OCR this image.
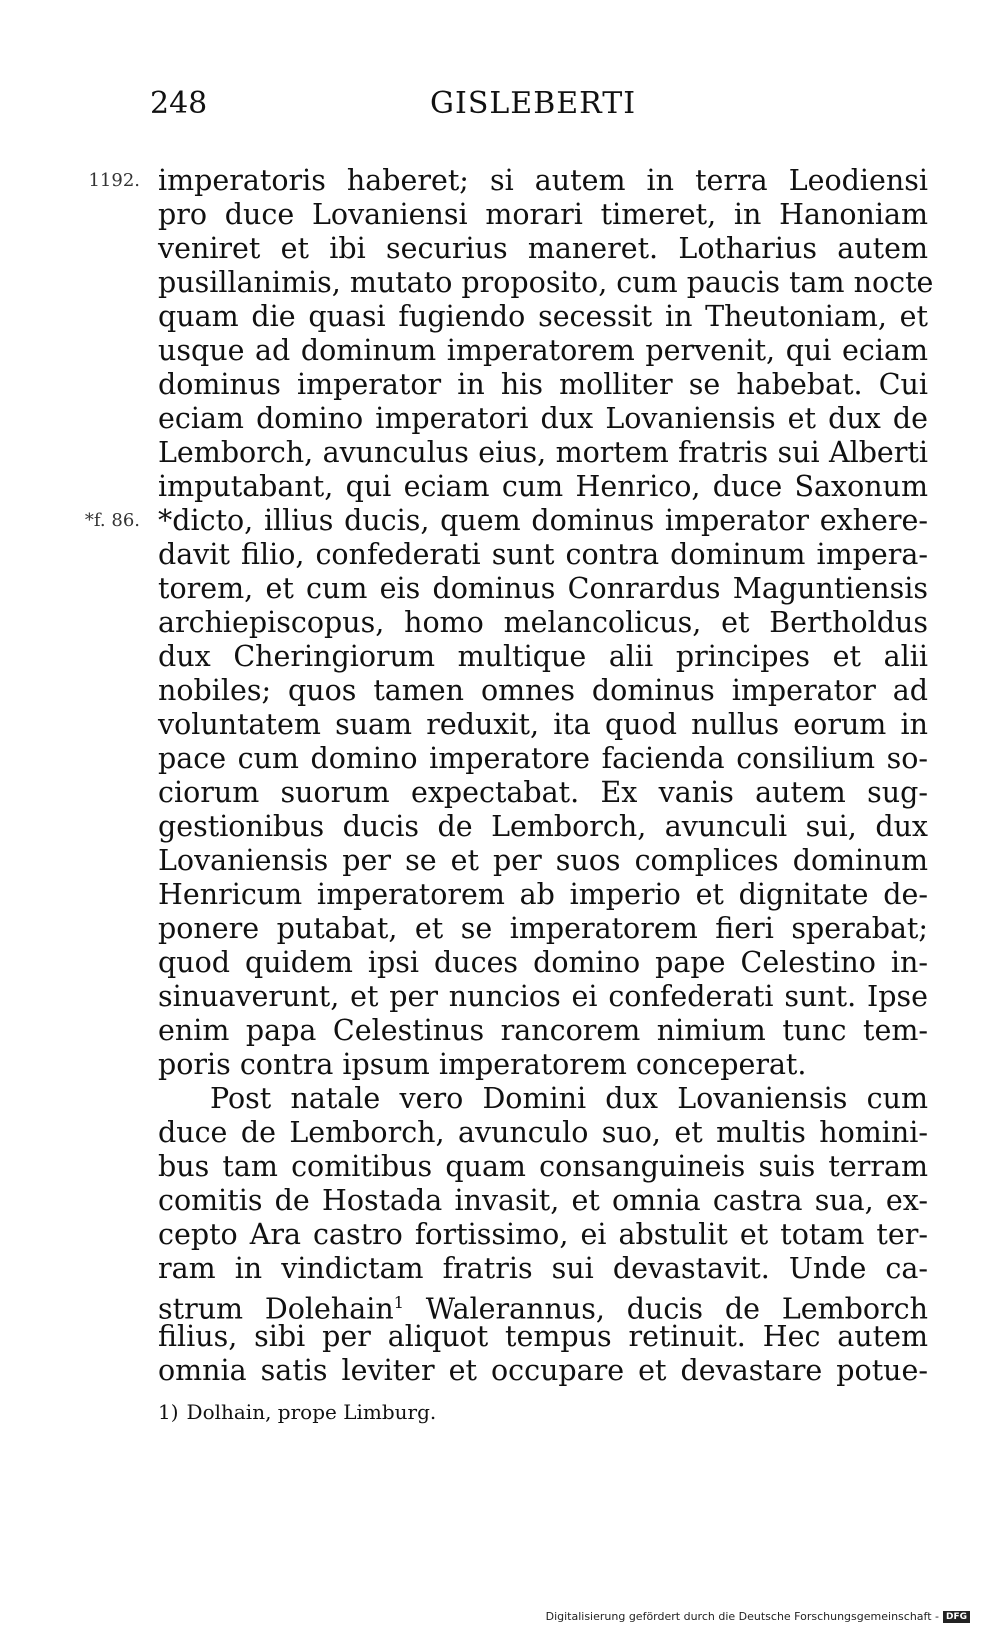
248	GISLEBERTI
1192. imperatoris haberet; si autem in terra Leodiensi
pro duce Lovaniensi morari timeret, in Hanoniam
veniret et ibi securius maneret. Lotharius autem
pusillanimis, mutato proposito, cum paucis tam nocte
quam die quasi fugiendo secessit in Theutoniam, et
usque ad dominum imperatorem pervenit, qui eciam
dominus imperator in his molliter se habebat. Cui
eciam domino imperatori dux Lovaniensis et dux de
Lemborch, avunculus eius, mortem fratris sui Alberti
imputabant, qui eciam cum Henrico, duce Saxonum
*f. 86. *dicto, illius ducis, quem dominus imperator exhere-
davit filio, confederati sunt contra dominum impera-
torem, et cum eis dominus Conrardus Maguntiensis
archiepiscopus, homo melancolicus, et Bertholdus
dux Cheringiorum multique alii principes et alii
nobiles; quos tamen omnes dominus imperator ad
voluntatem suam reduxit, ita quod nullus eorum in
pace cum domino imperatore facienda consilium so-
ciorum suorum expectabat. Ex vanis autem sug-
gestionibus ducis de Lemborch, avunculi sui, dux
Lovaniensis per se et per suos complices dominum
Henricum imperatorem ab imperio et dignitate de-
ponere putabat, et se imperatorem fieri sperabat;
quod quidem ipsi duces domino pape Celestino in-
sinuaverunt, et per nuncios ei confederati sunt. Ipse
enim papa Celestinus rancorem nimium tunc tem-
poris contra ipsum imperatorem conceperat.
Post natale vero Domini dux Lovaniensis cum
duce de Lemborch, avunculo suo, et multis homini-
bus tam comitibus quam consanguineis suis terram
comitis de Hostada invasit, et omnia castra sua, ex-
cepto Ara castro fortissimo, ei abstulit et totam ter-
ram in vindictam fratris sui devastavit. Unde ca-
strum Dolehain$^1$ Walerannus, ducis de Lemborch
filius, sibi per aliquot tempus retinuit. Hec autem
omnia satis leviter et occupare et devastare potue-
1) Dolhain, prope Limburg.
Digitalisierung gefördert durch die Deutsche Forschungsgemeinschaft - DFG
